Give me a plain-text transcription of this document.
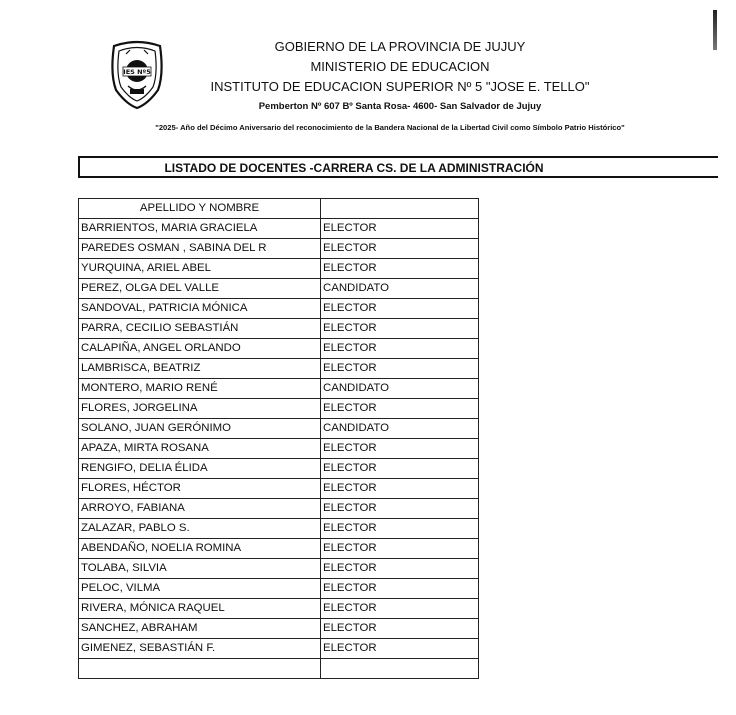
IES Nº5
GOBIERNO DE LA PROVINCIA DE JUJUY
MINISTERIO DE EDUCACION
INSTITUTO DE EDUCACION SUPERIOR Nº 5 "JOSE E. TELLO"
Pemberton Nº 607 Bº Santa Rosa- 4600- San Salvador de Jujuy
"2025- Año del Décimo Aniversario del reconocimiento de la Bandera Nacional de la Libertad Civil como Símbolo Patrio Histórico"
LISTADO DE DOCENTES -CARRERA CS. DE LA ADMINISTRACIÓN
APELLIDO Y NOMBRE	
BARRIENTOS, MARIA GRACIELA	ELECTOR
PAREDES OSMAN , SABINA DEL R	ELECTOR
YURQUINA, ARIEL ABEL	ELECTOR
PEREZ, OLGA DEL VALLE	CANDIDATO
SANDOVAL, PATRICIA MÓNICA	ELECTOR
PARRA, CECILIO SEBASTIÁN	ELECTOR
CALAPIÑA, ANGEL ORLANDO	ELECTOR
LAMBRISCA, BEATRIZ	ELECTOR
MONTERO, MARIO RENÉ	CANDIDATO
FLORES, JORGELINA	ELECTOR
SOLANO, JUAN GERÓNIMO	CANDIDATO
APAZA, MIRTA ROSANA	ELECTOR
RENGIFO, DELIA ÉLIDA	ELECTOR
FLORES, HÉCTOR	ELECTOR
ARROYO, FABIANA	ELECTOR
ZALAZAR, PABLO S.	ELECTOR
ABENDAÑO, NOELIA ROMINA	ELECTOR
TOLABA, SILVIA	ELECTOR
PELOC, VILMA	ELECTOR
RIVERA, MÓNICA RAQUEL	ELECTOR
SANCHEZ, ABRAHAM	ELECTOR
GIMENEZ, SEBASTIÁN F.	ELECTOR
